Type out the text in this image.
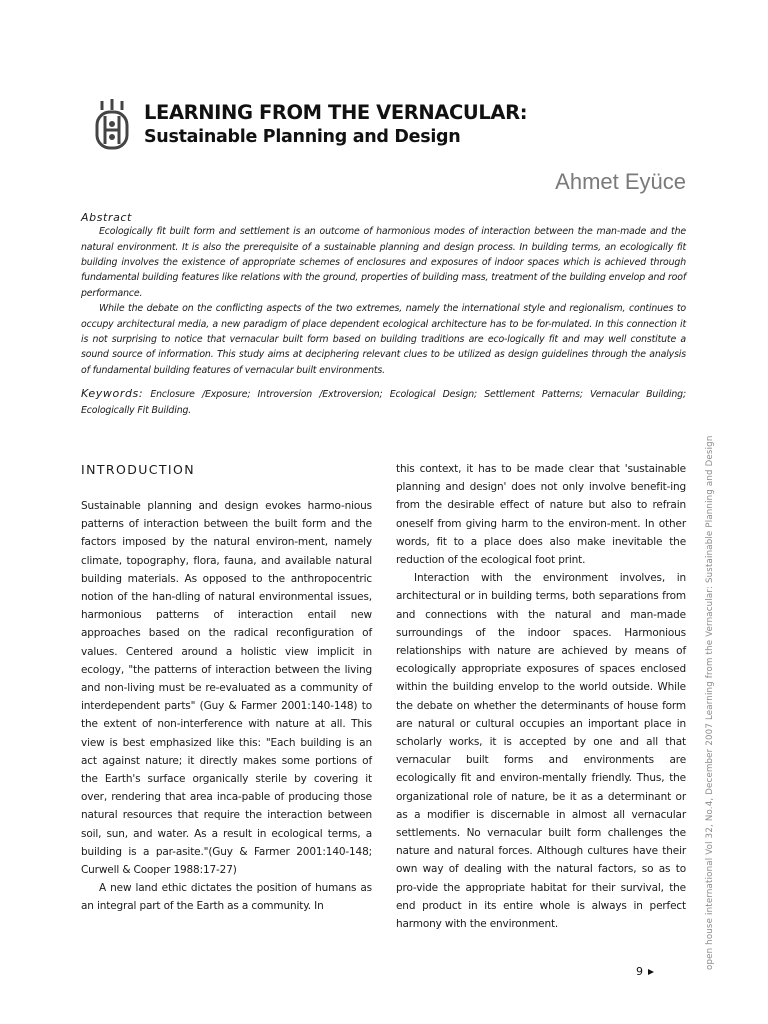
LEARNING FROM THE VERNACULAR:
Sustainable Planning and Design
Ahmet Eyüce
Abstract

Ecologically fit built form and settlement is an outcome of harmonious modes of interaction between the man-made and the natural environment. It is also the prerequisite of a sustainable planning and design process. In building terms, an ecologically fit building involves the existence of appropriate schemes of enclosures and exposures of indoor spaces which is achieved through fundamental building features like relations with the ground, properties of building mass, treatment of the building envelop and roof performance.

While the debate on the conflicting aspects of the two extremes, namely the international style and regionalism, continues to occupy architectural media, a new paradigm of place dependent ecological architecture has to be for-mulated. In this connection it is not surprising to notice that vernacular built form based on building traditions are eco-logically fit and may well constitute a sound source of information. This study aims at deciphering relevant clues to be utilized as design guidelines through the analysis of fundamental building features of vernacular built environments.

Keywords: Enclosure /Exposure; Introversion /Extroversion; Ecological Design; Settlement Patterns; Vernacular Building; Ecologically Fit Building.

INTRODUCTION

Sustainable planning and design evokes harmo-nious patterns of interaction between the built form and the factors imposed by the natural environ-ment, namely climate, topography, flora, fauna, and available natural building materials. As opposed to the anthropocentric notion of the han-dling of natural environmental issues, harmonious patterns of interaction entail new approaches based on the radical reconfiguration of values. Centered around a holistic view implicit in ecology, "the patterns of interaction between the living and non-living must be re-evaluated as a community of interdependent parts" (Guy & Farmer 2001:140-148) to the extent of non-interference with nature at all. This view is best emphasized like this: "Each building is an act against nature; it directly makes some portions of the Earth's surface organically sterile by covering it over, rendering that area inca-pable of producing those natural resources that require the interaction between soil, sun, and water. As a result in ecological terms, a building is a par-asite."(Guy & Farmer 2001:140-148; Curwell & Cooper 1988:17-27)

A new land ethic dictates the position of humans as an integral part of the Earth as a community. In

this context, it has to be made clear that 'sustainable planning and design' does not only involve benefit-ing from the desirable effect of nature but also to refrain oneself from giving harm to the environ-ment. In other words, fit to a place does also make inevitable the reduction of the ecological foot print.

Interaction with the environment involves, in architectural or in building terms, both separations from and connections with the natural and man-made surroundings of the indoor spaces. Harmonious relationships with nature are achieved by means of ecologically appropriate exposures of spaces enclosed within the building envelop to the world outside. While the debate on whether the determinants of house form are natural or cultural occupies an important place in scholarly works, it is accepted by one and all that vernacular built forms and environments are ecologically fit and environ-mentally friendly. Thus, the organizational role of nature, be it as a determinant or as a modifier is discernable in almost all vernacular settlements. No vernacular built form challenges the nature and natural forces. Although cultures have their own way of dealing with the natural factors, so as to pro-vide the appropriate habitat for their survival, the end product in its entire whole is always in perfect harmony with the environment.	open house international Vol 32, No.4, December 2007 Learning from the Vernacular: Sustainable Planning and Design
9
